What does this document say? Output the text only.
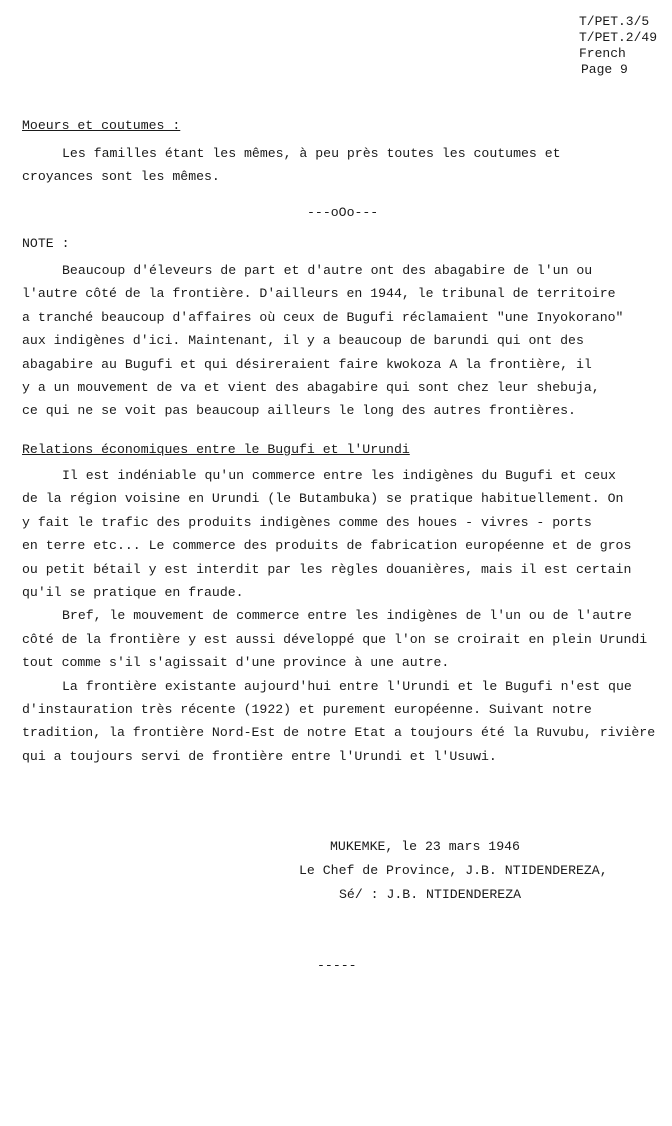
T/PET.3/5
T/PET.2/49
French
Page 9
Moeurs et coutumes :
Les familles étant les mêmes, à peu près toutes les coutumes et
croyances sont les mêmes.
---oOo---
NOTE :
Beaucoup d'éleveurs de part et d'autre ont des abagabire de l'un ou
l'autre côté de la frontière. D'ailleurs en 1944, le tribunal de territoire
a tranché beaucoup d'affaires où ceux de Bugufi réclamaient "une Inyokorano"
aux indigènes d'ici. Maintenant, il y a beaucoup de barundi qui ont des
abagabire au Bugufi et qui désireraient faire kwokoza A la frontière, il
y a un mouvement de va et vient des abagabire qui sont chez leur shebuja,
ce qui ne se voit pas beaucoup ailleurs le long des autres frontières.
Relations économiques entre le Bugufi et l'Urundi
Il est indéniable qu'un commerce entre les indigènes du Bugufi et ceux
de la région voisine en Urundi (le Butambuka) se pratique habituellement. On
y fait le trafic des produits indigènes comme des houes - vivres - ports
en terre etc... Le commerce des produits de fabrication européenne et de gros
ou petit bétail y est interdit par les règles douanières, mais il est certain
qu'il se pratique en fraude.
Bref, le mouvement de commerce entre les indigènes de l'un ou de l'autre
côté de la frontière y est aussi développé que l'on se croirait en plein Urundi
tout comme s'il s'agissait d'une province à une autre.
La frontière existante aujourd'hui entre l'Urundi et le Bugufi n'est que
d'instauration très récente (1922) et purement européenne. Suivant notre
tradition, la frontière Nord-Est de notre Etat a toujours été la Ruvubu, rivière
qui a toujours servi de frontière entre l'Urundi et l'Usuwi.
MUKEMKE, le 23 mars 1946
Le Chef de Province, J.B. NTIDENDEREZA,
Sé/ : J.B. NTIDENDEREZA
-----
